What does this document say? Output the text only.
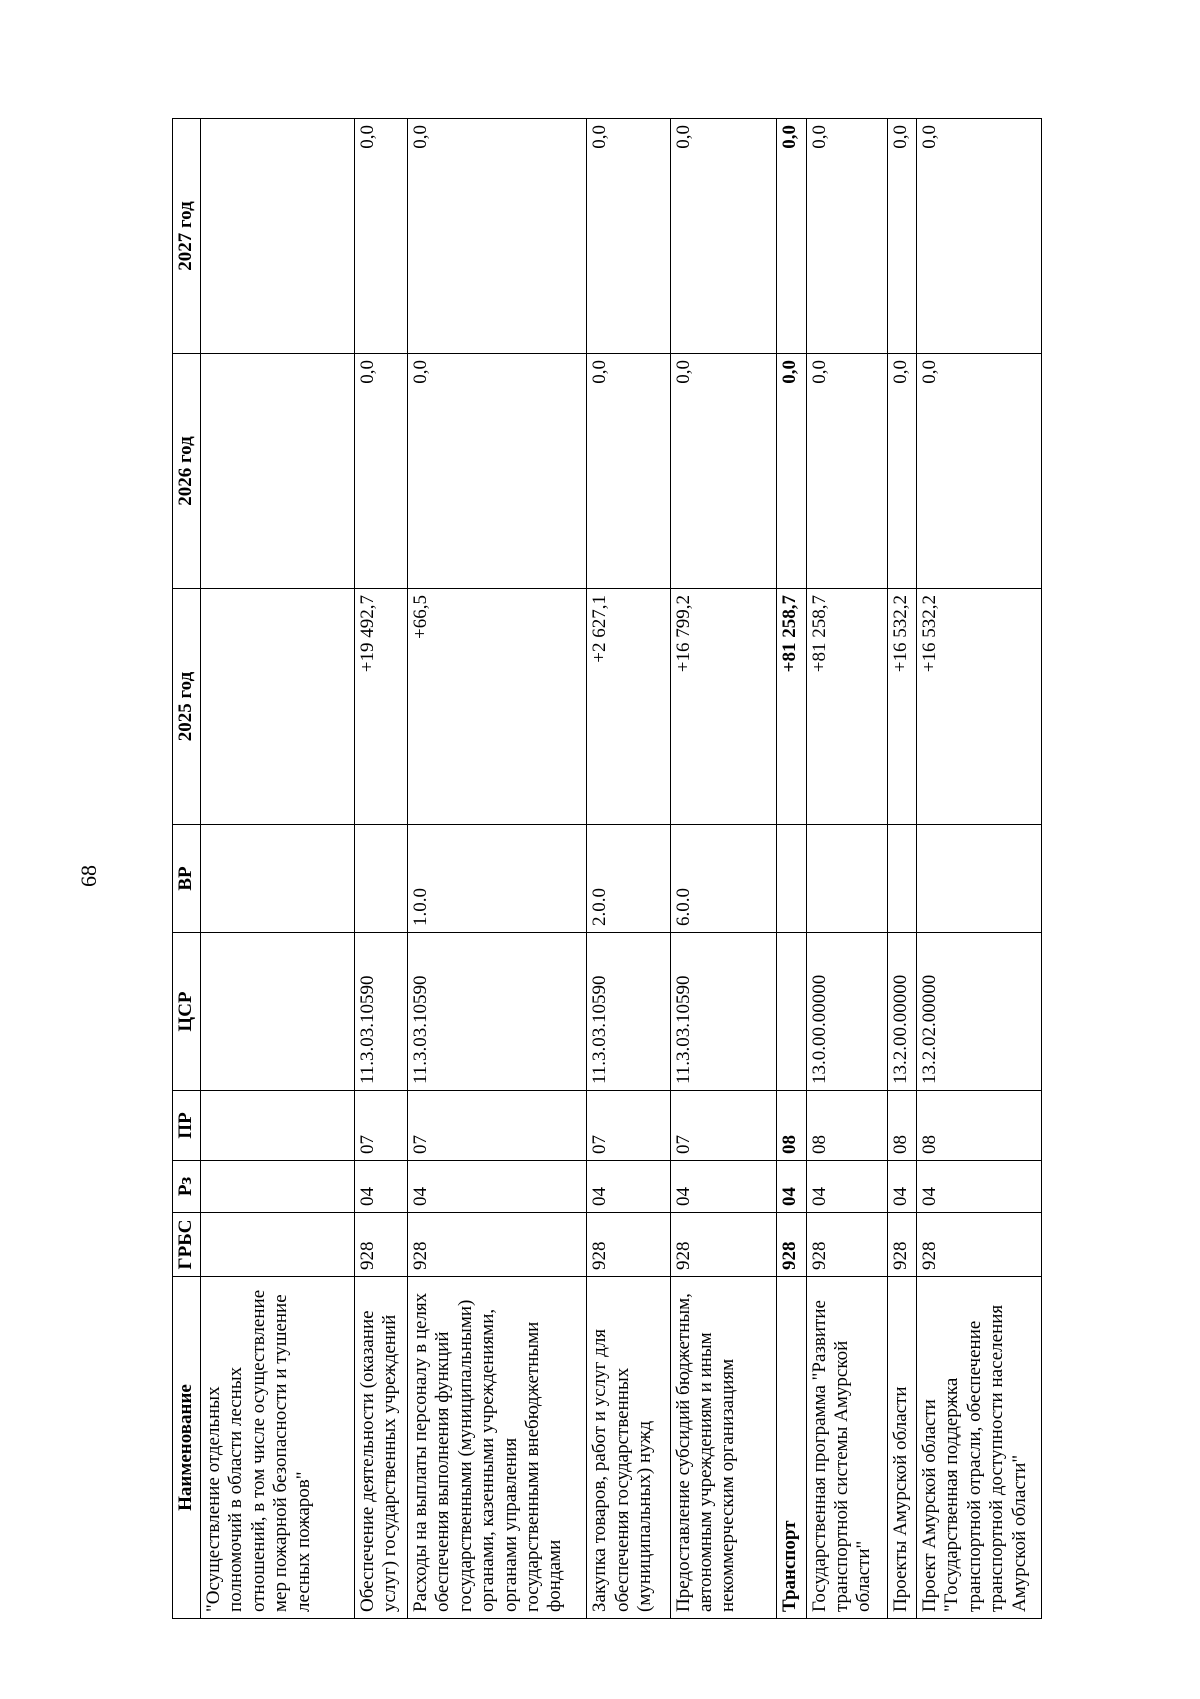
68
Наименование	ГРБС	Рз	ПР	ЦСР	ВР	2025 год	2026 год	2027 год
"Осуществление отдельных полномочий в области лесных отношений, в том числе осуществление мер пожарной безопасности и тушение лесных пожаров"								
Обеспечение деятельности (оказание услуг) государственных учреждений	928	04	07	11.3.03.10590		+19 492,7	0,0	0,0
Расходы на выплаты персоналу в целях обеспечения выполнения функций государственными (муниципальными) органами, казенными учреждениями, органами управления государственными внебюджетными фондами	928	04	07	11.3.03.10590	1.0.0	+66,5	0,0	0,0
Закупка товаров, работ и услуг для обеспечения государственных (муниципальных) нужд	928	04	07	11.3.03.10590	2.0.0	+2 627,1	0,0	0,0
Предоставление субсидий бюджетным, автономным учреждениям и иным некоммерческим организациям	928	04	07	11.3.03.10590	6.0.0	+16 799,2	0,0	0,0
Транспорт	928	04	08			+81 258,7	0,0	0,0
Государственная программа "Развитие транспортной системы Амурской области"	928	04	08	13.0.00.00000		+81 258,7	0,0	0,0
Проекты Амурской области	928	04	08	13.2.00.00000		+16 532,2	0,0	0,0
Проект Амурской области "Государственная поддержка транспортной отрасли, обеспечение транспортной доступности населения Амурской области"	928	04	08	13.2.02.00000		+16 532,2	0,0	0,0
